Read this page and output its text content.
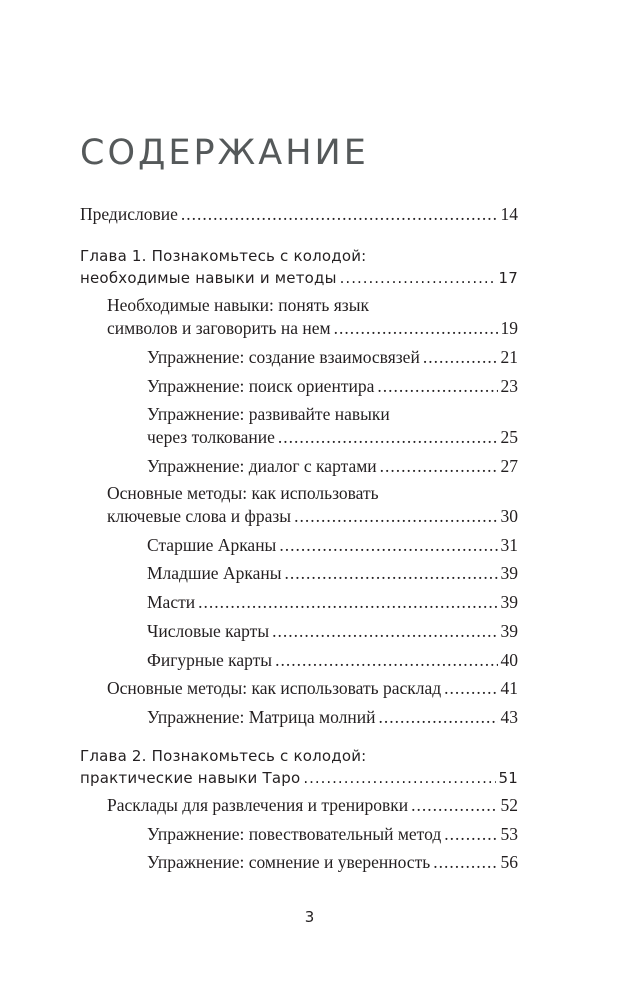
СОДЕРЖАНИЕ
Предисловие .....	14
Глава 1. Познакомьтесь с колодой:
необходимые навыки и методы .....	17
Необходимые навыки: понять язык
символов и заговорить на нем .....	19
Упражнение: создание взаимосвязей .....	21
Упражнение: поиск ориентира .....	23
Упражнение: развивайте навыки
через толкование .....	25
Упражнение: диалог с картами .....	27
Основные методы: как использовать
ключевые слова и фразы .....	30
Старшие Арканы .....	31
Младшие Арканы .....	39
Масти .....	39
Числовые карты .....	39
Фигурные карты .....	40
Основные методы: как использовать расклад .....	41
Упражнение: Матрица молний .....	43
Глава 2. Познакомьтесь с колодой:
практические навыки Таро .....	51
Расклады для развлечения и тренировки .....	52
Упражнение: повествовательный метод .....	53
Упражнение: сомнение и уверенность .....	56
3
